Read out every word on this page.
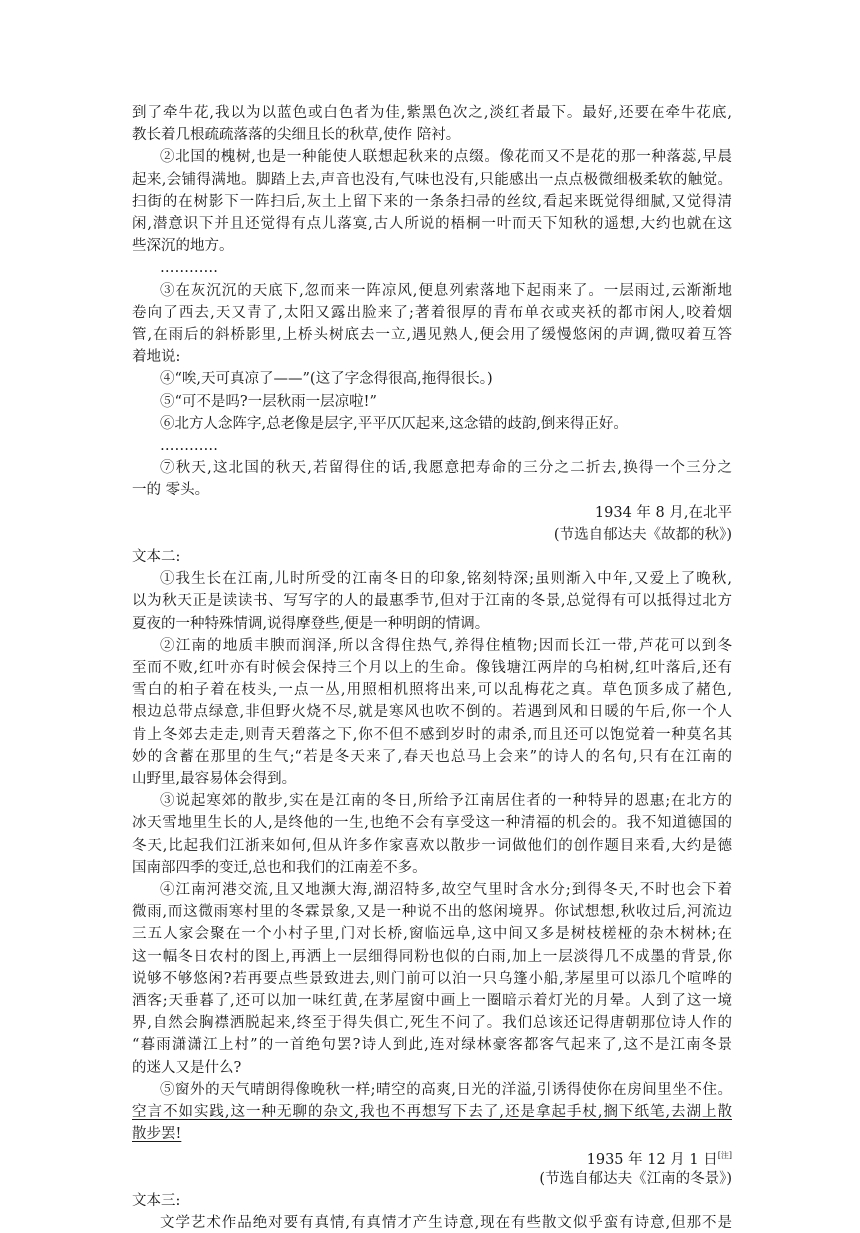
到了牵牛花,我以为以蓝色或白色者为佳,紫黑色次之,淡红者最下。最好,还要在牵牛花底,
教长着几根疏疏落落的尖细且长的秋草,使作 陪衬。
②北国的槐树,也是一种能使人联想起秋来的点缀。像花而又不是花的那一种落蕊,早晨
起来,会铺得满地。脚踏上去,声音也没有,气味也没有,只能感出一点点极微细极柔软的触觉。
扫街的在树影下一阵扫后,灰土上留下来的一条条扫帚的丝纹,看起来既觉得细腻,又觉得清
闲,潜意识下并且还觉得有点儿落寞,古人所说的梧桐一叶而天下知秋的遥想,大约也就在这
些深沉的地方。
…………
③在灰沉沉的天底下,忽而来一阵凉风,便息列索落地下起雨来了。一层雨过,云渐渐地
卷向了西去,天又青了,太阳又露出脸来了;著着很厚的青布单衣或夹袄的都市闲人,咬着烟
管,在雨后的斜桥影里,上桥头树底去一立,遇见熟人,便会用了缓慢悠闲的声调,微叹着互答
着地说:
④“唉,天可真凉了——”(这了字念得很高,拖得很长。)
⑤“可不是吗?一层秋雨一层凉啦!”
⑥北方人念阵字,总老像是层字,平平仄仄起来,这念错的歧韵,倒来得正好。
…………
⑦秋天,这北国的秋天,若留得住的话,我愿意把寿命的三分之二折去,换得一个三分之
一的 零头。
1934 年 8 月,在北平
(节选自郁达夫《故都的秋》)
文本二:
①我生长在江南,儿时所受的江南冬日的印象,铭刻特深;虽则渐入中年,又爱上了晚秋,
以为秋天正是读读书、写写字的人的最惠季节,但对于江南的冬景,总觉得有可以抵得过北方
夏夜的一种特殊情调,说得摩登些,便是一种明朗的情调。
②江南的地质丰腴而润泽,所以含得住热气,养得住植物;因而长江一带,芦花可以到冬
至而不败,红叶亦有时候会保持三个月以上的生命。像钱塘江两岸的乌桕树,红叶落后,还有
雪白的桕子着在枝头,一点一丛,用照相机照将出来,可以乱梅花之真。草色顶多成了赭色,
根边总带点绿意,非但野火烧不尽,就是寒风也吹不倒的。若遇到风和日暖的午后,你一个人
肯上冬郊去走走,则青天碧落之下,你不但不感到岁时的肃杀,而且还可以饱觉着一种莫名其
妙的含蓄在那里的生气;“若是冬天来了,春天也总马上会来”的诗人的名句,只有在江南的
山野里,最容易体会得到。
③说起寒郊的散步,实在是江南的冬日,所给予江南居住者的一种特异的恩惠;在北方的
冰天雪地里生长的人,是终他的一生,也绝不会有享受这一种清福的机会的。我不知道德国的
冬天,比起我们江浙来如何,但从许多作家喜欢以散步一词做他们的创作题目来看,大约是德
国南部四季的变迁,总也和我们的江南差不多。
④江南河港交流,且又地濒大海,湖沼特多,故空气里时含水分;到得冬天,不时也会下着
微雨,而这微雨寒村里的冬霖景象,又是一种说不出的悠闲境界。你试想想,秋收过后,河流边
三五人家会聚在一个小村子里,门对长桥,窗临远阜,这中间又多是树枝槎桠的杂木树林;在
这一幅冬日农村的图上,再洒上一层细得同粉也似的白雨,加上一层淡得几不成墨的背景,你
说够不够悠闲?若再要点些景致进去,则门前可以泊一只乌篷小船,茅屋里可以添几个喧哗的
酒客;天垂暮了,还可以加一味红黄,在茅屋窗中画上一圈暗示着灯光的月晕。人到了这一境
界,自然会胸襟洒脱起来,终至于得失俱亡,死生不问了。我们总该还记得唐朝那位诗人作的
“暮雨潇潇江上村”的一首绝句罢?诗人到此,连对绿林豪客都客气起来了,这不是江南冬景
的迷人又是什么?
⑤窗外的天气晴朗得像晚秋一样;晴空的高爽,日光的洋溢,引诱得使你在房间里坐不住。
空言不如实践,这一种无聊的杂文,我也不再想写下去了,还是拿起手杖,搁下纸笔,去湖上散
散步罢!
1935 年 12 月 1 日[注]
(节选自郁达夫《江南的冬景》)
文本三:
文学艺术作品绝对要有真情,有真情才产生诗意,现在有些散文似乎蛮有诗意,但那不是
